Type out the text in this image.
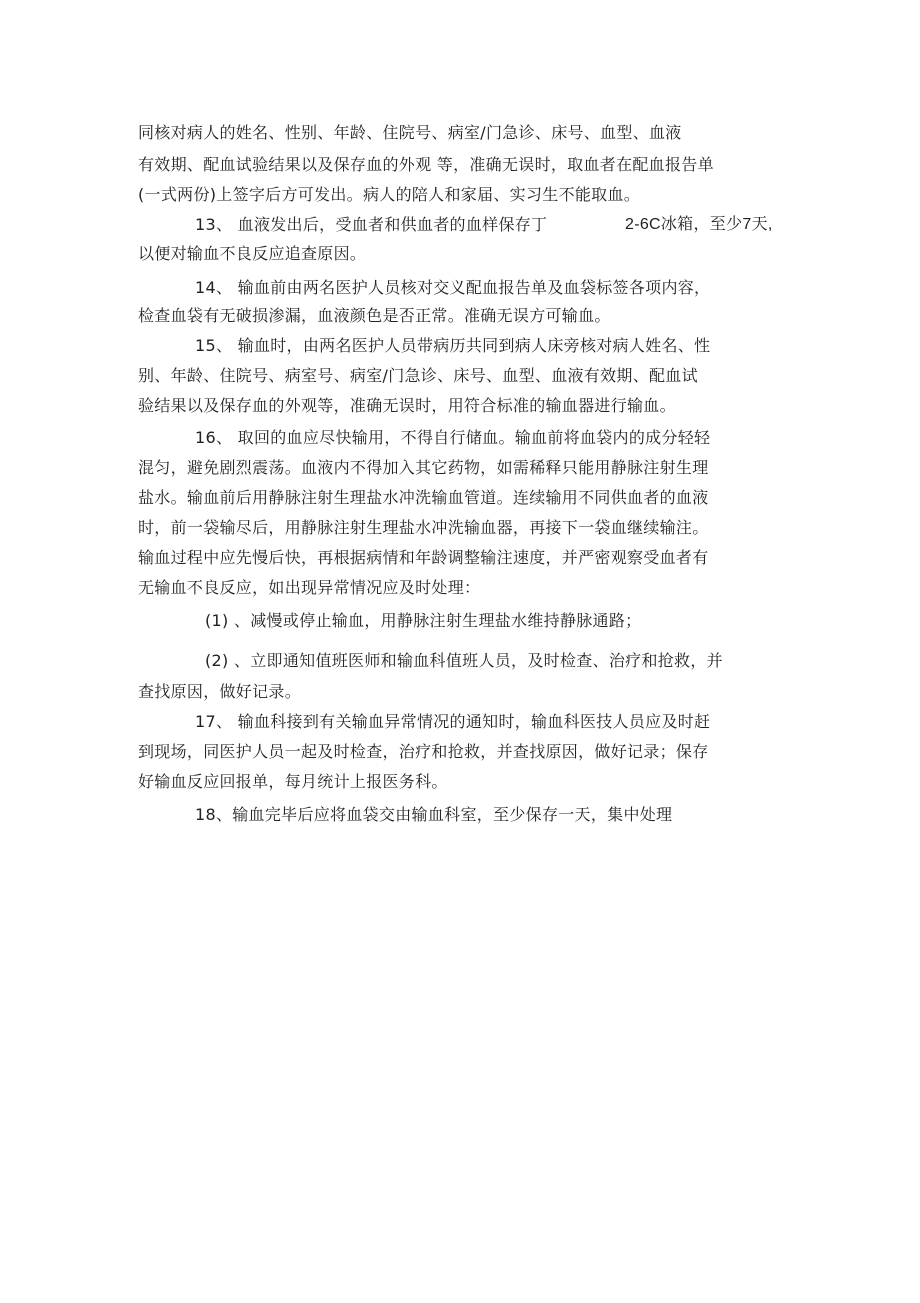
同核对病人的姓名、性别、年龄、住院号、病室/门急诊、床号、血型、血液
有效期、配血试验结果以及保存血的外观 等，准确无误时，取血者在配血报告单
(一式两份)上签字后方可发出。病人的陪人和家届、实习生不能取血。
13、 血液发出后，受血者和供血者的血样保存丁	2-6C冰箱，至少7天,
以便对输血不良反应追查原因。
14、 输血前由两名医护人员核对交义配血报告单及血袋标签各项内容，
检查血袋有无破损渗漏，血液颜色是否正常。准确无误方可输血。
15、 输血时，由两名医护人员带病历共同到病人床旁核对病人姓名、性
别、年龄、住院号、病室号、病室/门急诊、床号、血型、血液有效期、配血试
验结果以及保存血的外观等，准确无误时，用符合标准的输血器进行输血。
16、 取回的血应尽快输用，不得自行储血。输血前将血袋内的成分轻轻
混匀，避免剧烈震荡。血液内不得加入其它药物，如需稀释只能用静脉注射生理
盐水。输血前后用静脉注射生理盐水冲洗输血管道。连续输用不同供血者的血液
时，前一袋输尽后，用静脉注射生理盐水冲洗输血器，再接下一袋血继续输注。
输血过程中应先慢后快，再根据病情和年龄调整输注速度，并严密观察受血者有
无输血不良反应，如出现异常情况应及时处理：
(1) 、减慢或停止输血，用静脉注射生理盐水维持静脉通路；
(2) 、立即通知值班医师和输血科值班人员，及时检查、治疗和抢救，并
查找原因，做好记录。
17、 输血科接到有关输血异常情况的通知时，输血科医技人员应及时赶
到现场，同医护人员一起及时检查，治疗和抢救，并查找原因，做好记录；保存
好输血反应回报单，每月统计上报医务科。
18、输血完毕后应将血袋交由输血科室，至少保存一天，集中处理
